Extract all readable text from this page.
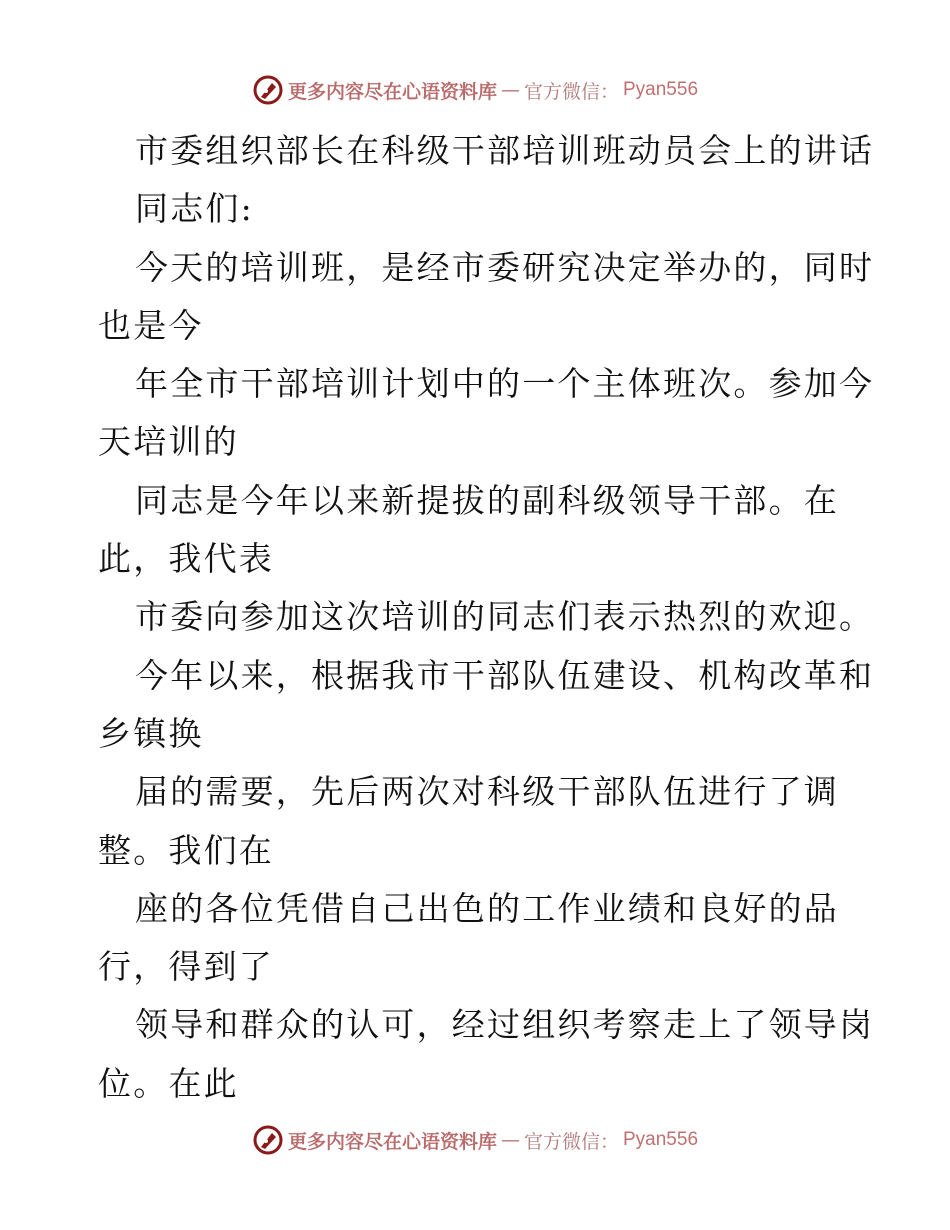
更多内容尽在心语资料库 — 官方微信： Pyan556
市委组织部长在科级干部培训班动员会上的讲话
同志们:
今天的培训班，是经市委研究决定举办的，同时
也是今
年全市干部培训计划中的一个主体班次。参加今
天培训的
同志是今年以来新提拔的副科级领导干部。在
此，我代表
市委向参加这次培训的同志们表示热烈的欢迎。
今年以来，根据我市干部队伍建设、机构改革和
乡镇换
届的需要，先后两次对科级干部队伍进行了调
整。我们在
座的各位凭借自己出色的工作业绩和良好的品
行，得到了
领导和群众的认可，经过组织考察走上了领导岗
位。在此
更多内容尽在心语资料库 — 官方微信： Pyan556
